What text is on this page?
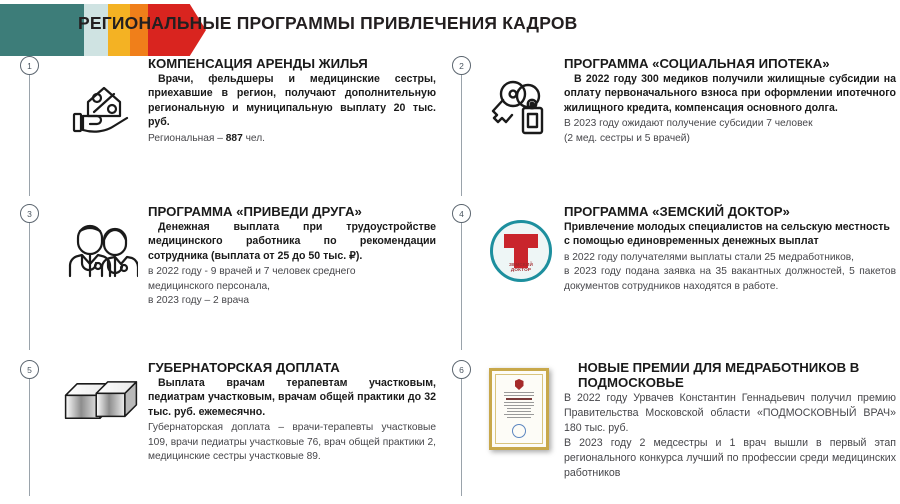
РЕГИОНАЛЬНЫЕ ПРОГРАММЫ ПРИВЛЕЧЕНИЯ КАДРОВ
1	КОМПЕНСАЦИЯ АРЕНДЫ ЖИЛЬЯ

Врачи, фельдшеры и медицинские сестры, приехавшие в регион, получают дополнительную региональную и муниципальную выплату 20 тыс. руб.

Региональная – 887 чел.

2	ПРОГРАММА «СОЦИАЛЬНАЯ ИПОТЕКА»

В 2022 году 300 медиков получили жилищные субсидии на оплату первоначального взноса при оформлении ипотечного жилищного кредита, компенсация основного долга.

В 2023 году ожидают получение субсидии 7 человек

(2 мед. сестры и 5 врачей)

3	ПРОГРАММА «ПРИВЕДИ ДРУГА»

Денежная выплата при трудоустройстве медицинского работника по рекомендации сотрудника (выплата от 25 до 50 тыс. ₽).

в 2022 году - 9 врачей и 7 человек среднего

медицинского персонала,

в 2023 году – 2 врача

4
ЗЕМСКИЙ
ДОКТОР
ПРОГРАММА «ЗЕМСКИЙ ДОКТОР»

Привлечение молодых специалистов на сельскую местность с помощью единовременных денежных выплат

в 2022 году получателями выплаты стали 25 медработников,

в 2023 году подана заявка на 35 вакантных должностей, 5 пакетов документов сотрудников находятся в работе.

5	ГУБЕРНАТОРСКАЯ ДОПЛАТА

Выплата врачам терапевтам участковым, педиатрам участковым, врачам общей практики до 32 тыс. руб. ежемесячно.

Губернаторская доплата – врачи-терапевты участковые 109, врачи педиатры участковые 76, врач общей практики 2, медицинские сестры участковые 89.

6	НОВЫЕ ПРЕМИИ ДЛЯ МЕДРАБОТНИКОВ В ПОДМОСКОВЬЕ

В 2022 году Урвачев Константин Геннадьевич получил премию Правительства Московской области «ПОДМОСКОВНЫЙ ВРАЧ» 180 тыс. руб.

В 2023 году 2 медсестры и 1 врач вышли в первый этап регионального конкурса лучший по профессии среди медицинских работников
